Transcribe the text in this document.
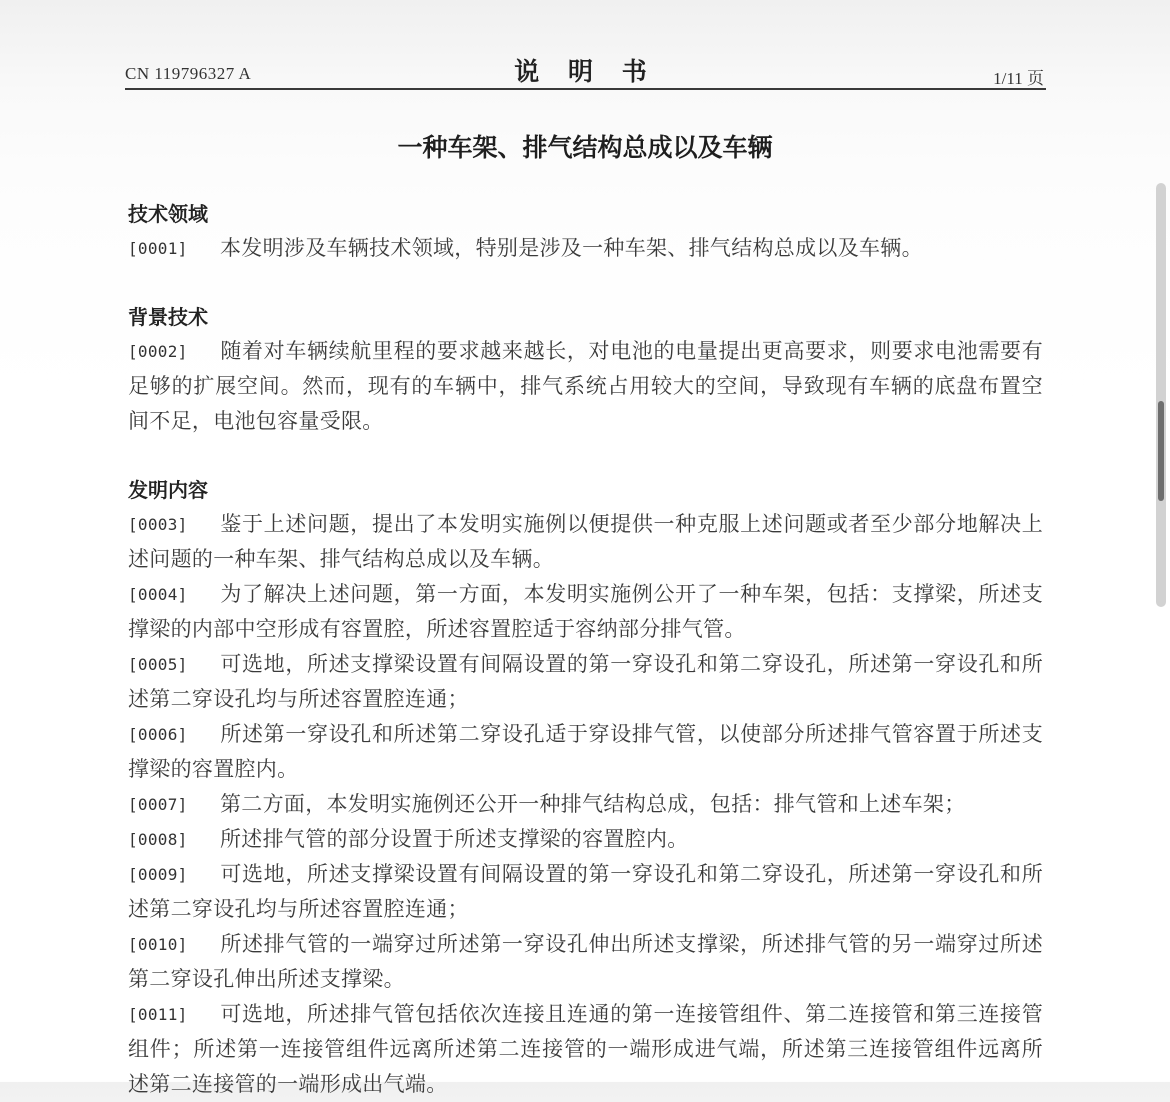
CN 119796327 A	说 明 书	1/11 页
一种车架、排气结构总成以及车辆
技术领域

[0001] 本发明涉及车辆技术领域，特别是涉及一种车架、排气结构总成以及车辆。

背景技术

[0002] 随着对车辆续航里程的要求越来越长，对电池的电量提出更高要求，则要求电池需要有足够的扩展空间。然而，现有的车辆中，排气系统占用较大的空间，导致现有车辆的底盘布置空间不足，电池包容量受限。

发明内容

[0003] 鉴于上述问题，提出了本发明实施例以便提供一种克服上述问题或者至少部分地解决上述问题的一种车架、排气结构总成以及车辆。

[0004] 为了解决上述问题，第一方面，本发明实施例公开了一种车架，包括：支撑梁，所述支撑梁的内部中空形成有容置腔，所述容置腔适于容纳部分排气管。

[0005] 可选地，所述支撑梁设置有间隔设置的第一穿设孔和第二穿设孔，所述第一穿设孔和所述第二穿设孔均与所述容置腔连通；

[0006] 所述第一穿设孔和所述第二穿设孔适于穿设排气管，以使部分所述排气管容置于所述支撑梁的容置腔内。

[0007] 第二方面，本发明实施例还公开一种排气结构总成，包括：排气管和上述车架；

[0008] 所述排气管的部分设置于所述支撑梁的容置腔内。

[0009] 可选地，所述支撑梁设置有间隔设置的第一穿设孔和第二穿设孔，所述第一穿设孔和所述第二穿设孔均与所述容置腔连通；

[0010] 所述排气管的一端穿过所述第一穿设孔伸出所述支撑梁，所述排气管的另一端穿过所述第二穿设孔伸出所述支撑梁。

[0011] 可选地，所述排气管包括依次连接且连通的第一连接管组件、第二连接管和第三连接管组件；所述第一连接管组件远离所述第二连接管的一端形成进气端，所述第三连接管组件远离所述第二连接管的一端形成出气端。
